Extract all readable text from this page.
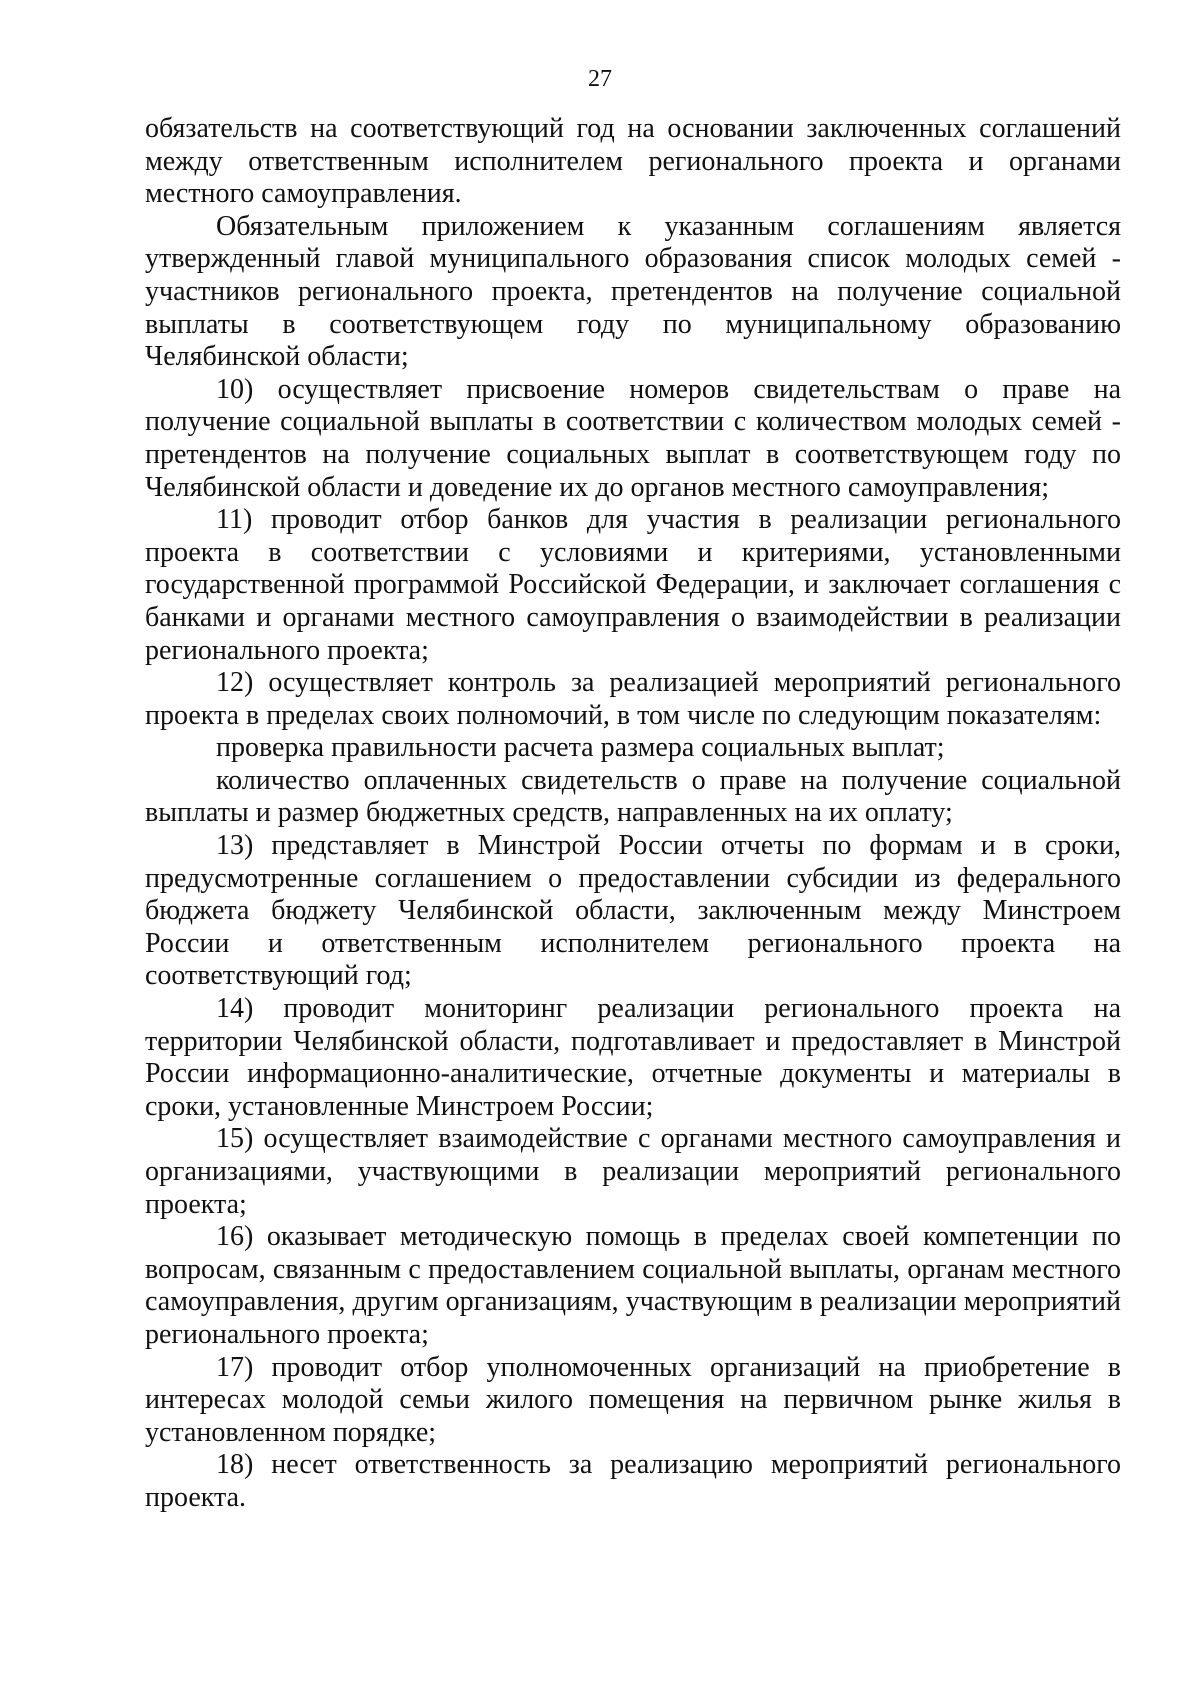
27

обязательств на соответствующий год на основании заключенных соглашений между ответственным исполнителем регионального проекта и органами местного самоуправления.

Обязательным приложением к указанным соглашениям является утвержденный главой муниципального образования список молодых семей - участников регионального проекта, претендентов на получение социальной выплаты в соответствующем году по муниципальному образованию Челябинской области;

10) осуществляет присвоение номеров свидетельствам о праве на получение социальной выплаты в соответствии с количеством молодых семей - претендентов на получение социальных выплат в соответствующем году по Челябинской области и доведение их до органов местного самоуправления;

11) проводит отбор банков для участия в реализации регионального проекта в соответствии с условиями и критериями, установленными государственной программой Российской Федерации, и заключает соглашения с банками и органами местного самоуправления о взаимодействии в реализации регионального проекта;

12) осуществляет контроль за реализацией мероприятий регионального проекта в пределах своих полномочий, в том числе по следующим показателям:

проверка правильности расчета размера социальных выплат;

количество оплаченных свидетельств о праве на получение социальной выплаты и размер бюджетных средств, направленных на их оплату;

13) представляет в Минстрой России отчеты по формам и в сроки, предусмотренные соглашением о предоставлении субсидии из федерального бюджета бюджету Челябинской области, заключенным между Минстроем России и ответственным исполнителем регионального проекта на соответствующий год;

14) проводит мониторинг реализации регионального проекта на территории Челябинской области, подготавливает и предоставляет в Минстрой России информационно-аналитические, отчетные документы и материалы в сроки, установленные Минстроем России;

15) осуществляет взаимодействие с органами местного самоуправления и организациями, участвующими в реализации мероприятий регионального проекта;

16) оказывает методическую помощь в пределах своей компетенции по вопросам, связанным с предоставлением социальной выплаты, органам местного самоуправления, другим организациям, участвующим в реализации мероприятий регионального проекта;

17) проводит отбор уполномоченных организаций на приобретение в интересах молодой семьи жилого помещения на первичном рынке жилья в установленном порядке;

18) несет ответственность за реализацию мероприятий регионального проекта.
